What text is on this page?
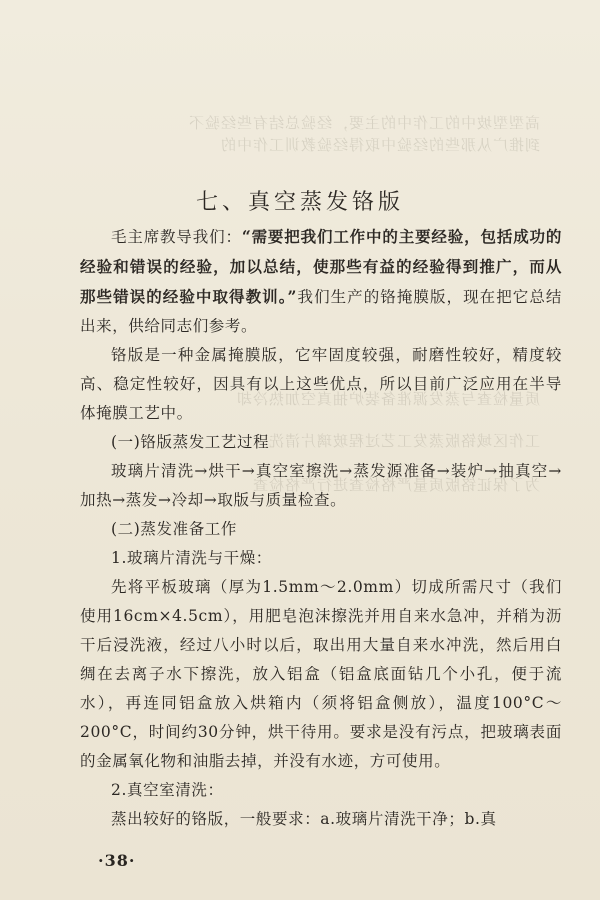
高型型坡中的工作中的主要，经验总结有些经验不
到推广从那些的经验中取得经验教训工作中的
质量检查与蒸发源准备装炉抽真空加热冷却
工作区域铬版蒸发工艺过程玻璃片清洗
为了保证铬版质量严格检查进行严格检查
七、真空蒸发铬版

毛主席教导我们：“需要把我们工作中的主要经验，包括成功的经验和错误的经验，加以总结，使那些有益的经验得到推广，而从那些错误的经验中取得教训。”我们生产的铬掩膜版，现在把它总结出来，供给同志们参考。

铬版是一种金属掩膜版，它牢固度较强，耐磨性较好，精度较高、稳定性较好，因具有以上这些优点，所以目前广泛应用在半导体掩膜工艺中。

(一)铬版蒸发工艺过程

玻璃片清洗→烘干→真空室擦洗→蒸发源准备→装炉→抽真空→加热→蒸发→冷却→取版与质量检查。

(二)蒸发准备工作

1.玻璃片清洗与干燥：

先将平板玻璃（厚为1.5mm～2.0mm）切成所需尺寸（我们使用16cm×4.5cm），用肥皂泡沫擦洗并用自来水急冲，并稍为沥干后浸洗液，经过八小时以后，取出用大量自来水冲洗，然后用白绸在去离子水下擦洗，放入铝盒（铝盒底面钻几个小孔，便于流水），再连同铝盒放入烘箱内（须将铝盒侧放），温度100°C～200°C，时间约30分钟，烘干待用。要求是没有污点，把玻璃表面的金属氧化物和油脂去掉，并没有水迹，方可使用。

2.真空室清洗：

蒸出较好的铬版，一般要求：a.玻璃片清洗干净；b.真

·38·
